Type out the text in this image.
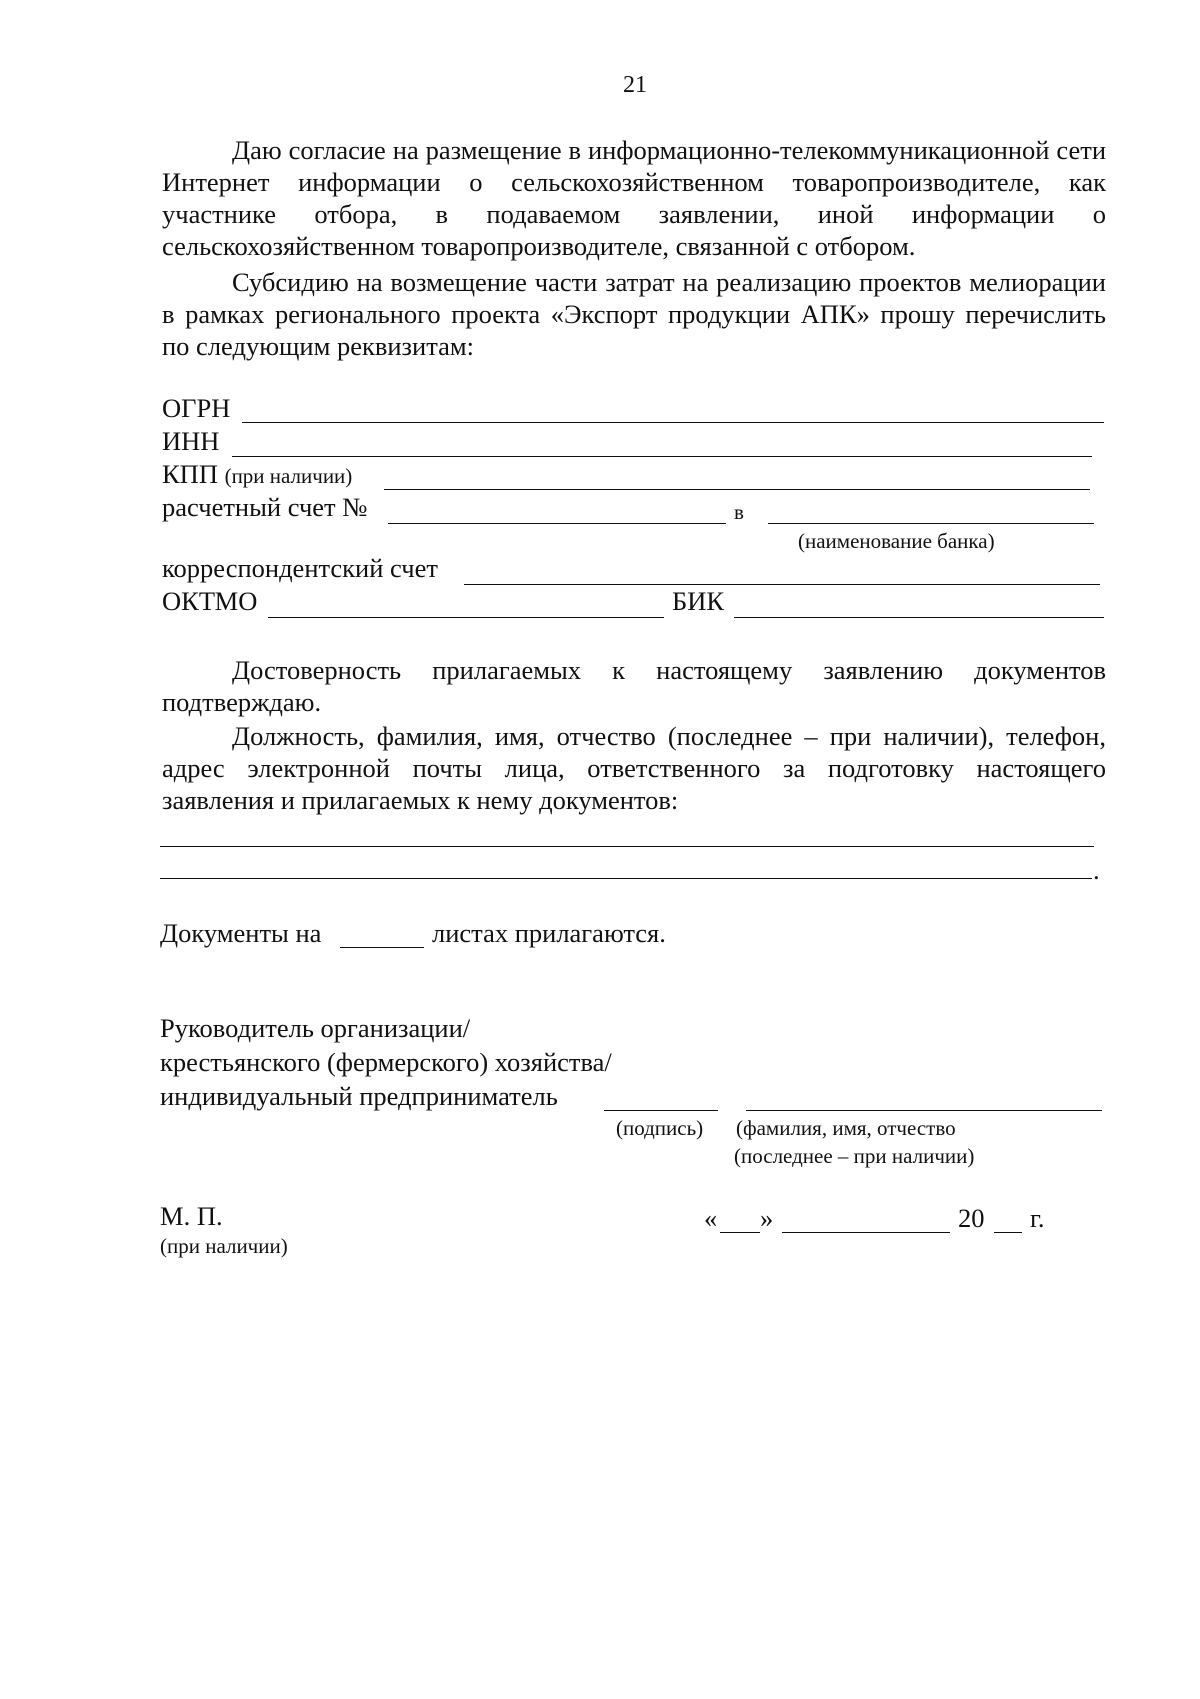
21

Даю согласие на размещение в информационно-телекоммуникационной сети Интернет информации о сельскохозяйственном товаропроизводителе, как участнике отбора, в подаваемом заявлении, иной информации о сельскохозяйственном товаропроизводителе, связанной с отбором.

Субсидию на возмещение части затрат на реализацию проектов мелиорации в рамках регионального проекта «Экспорт продукции АПК» прошу перечислить по следующим реквизитам:

ОГРН
ИНН
КПП (при наличии)
расчетный счет №	в
(наименование банка)
корреспондентский счет
ОКТМО	БИК

Достоверность прилагаемых к настоящему заявлению документов подтверждаю.

Должность, фамилия, имя, отчество (последнее – при наличии), телефон, адрес электронной почты лица, ответственного за подготовку настоящего заявления и прилагаемых к нему документов:

.
Документы на	листах прилагаются.
Руководитель организации/
крестьянского (фермерского) хозяйства/
индивидуальный предприниматель
(подпись) (фамилия, имя, отчество
(последнее – при наличии)
М. П.
(при наличии)
« »	20 г.
